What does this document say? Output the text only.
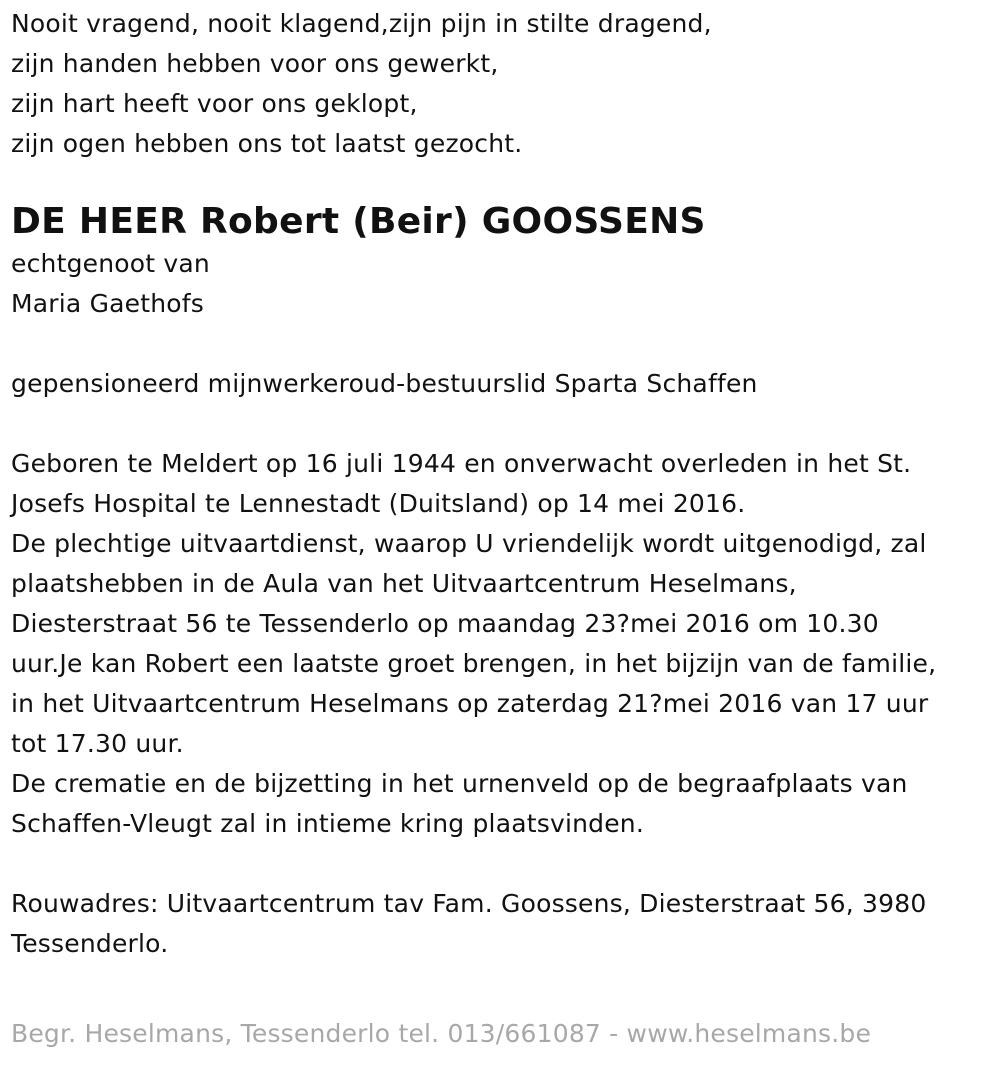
Nooit vragend, nooit klagend,zijn pijn in stilte dragend,
zijn handen hebben voor ons gewerkt,
zijn hart heeft voor ons geklopt,
zijn ogen hebben ons tot laatst gezocht.
DE HEER Robert (Beir) GOOSSENS
echtgenoot van
Maria Gaethofs
gepensioneerd mijnwerkeroud-bestuurslid Sparta Schaffen
Geboren te Meldert op 16 juli 1944 en onverwacht overleden in het St.
Josefs Hospital te Lennestadt (Duitsland) op 14 mei 2016.
De plechtige uitvaartdienst, waarop U vriendelijk wordt uitgenodigd, zal
plaatshebben in de Aula van het Uitvaartcentrum Heselmans,
Diesterstraat 56 te Tessenderlo op maandag 23?mei 2016 om 10.30
uur.Je kan Robert een laatste groet brengen, in het bijzijn van de familie,
in het Uitvaartcentrum Heselmans op zaterdag 21?mei 2016 van 17 uur
tot 17.30 uur.
De crematie en de bijzetting in het urnenveld op de begraafplaats van
Schaffen-Vleugt zal in intieme kring plaatsvinden.
Rouwadres: Uitvaartcentrum tav Fam. Goossens, Diesterstraat 56, 3980
Tessenderlo.
Begr. Heselmans, Tessenderlo tel. 013/661087 - www.heselmans.be
